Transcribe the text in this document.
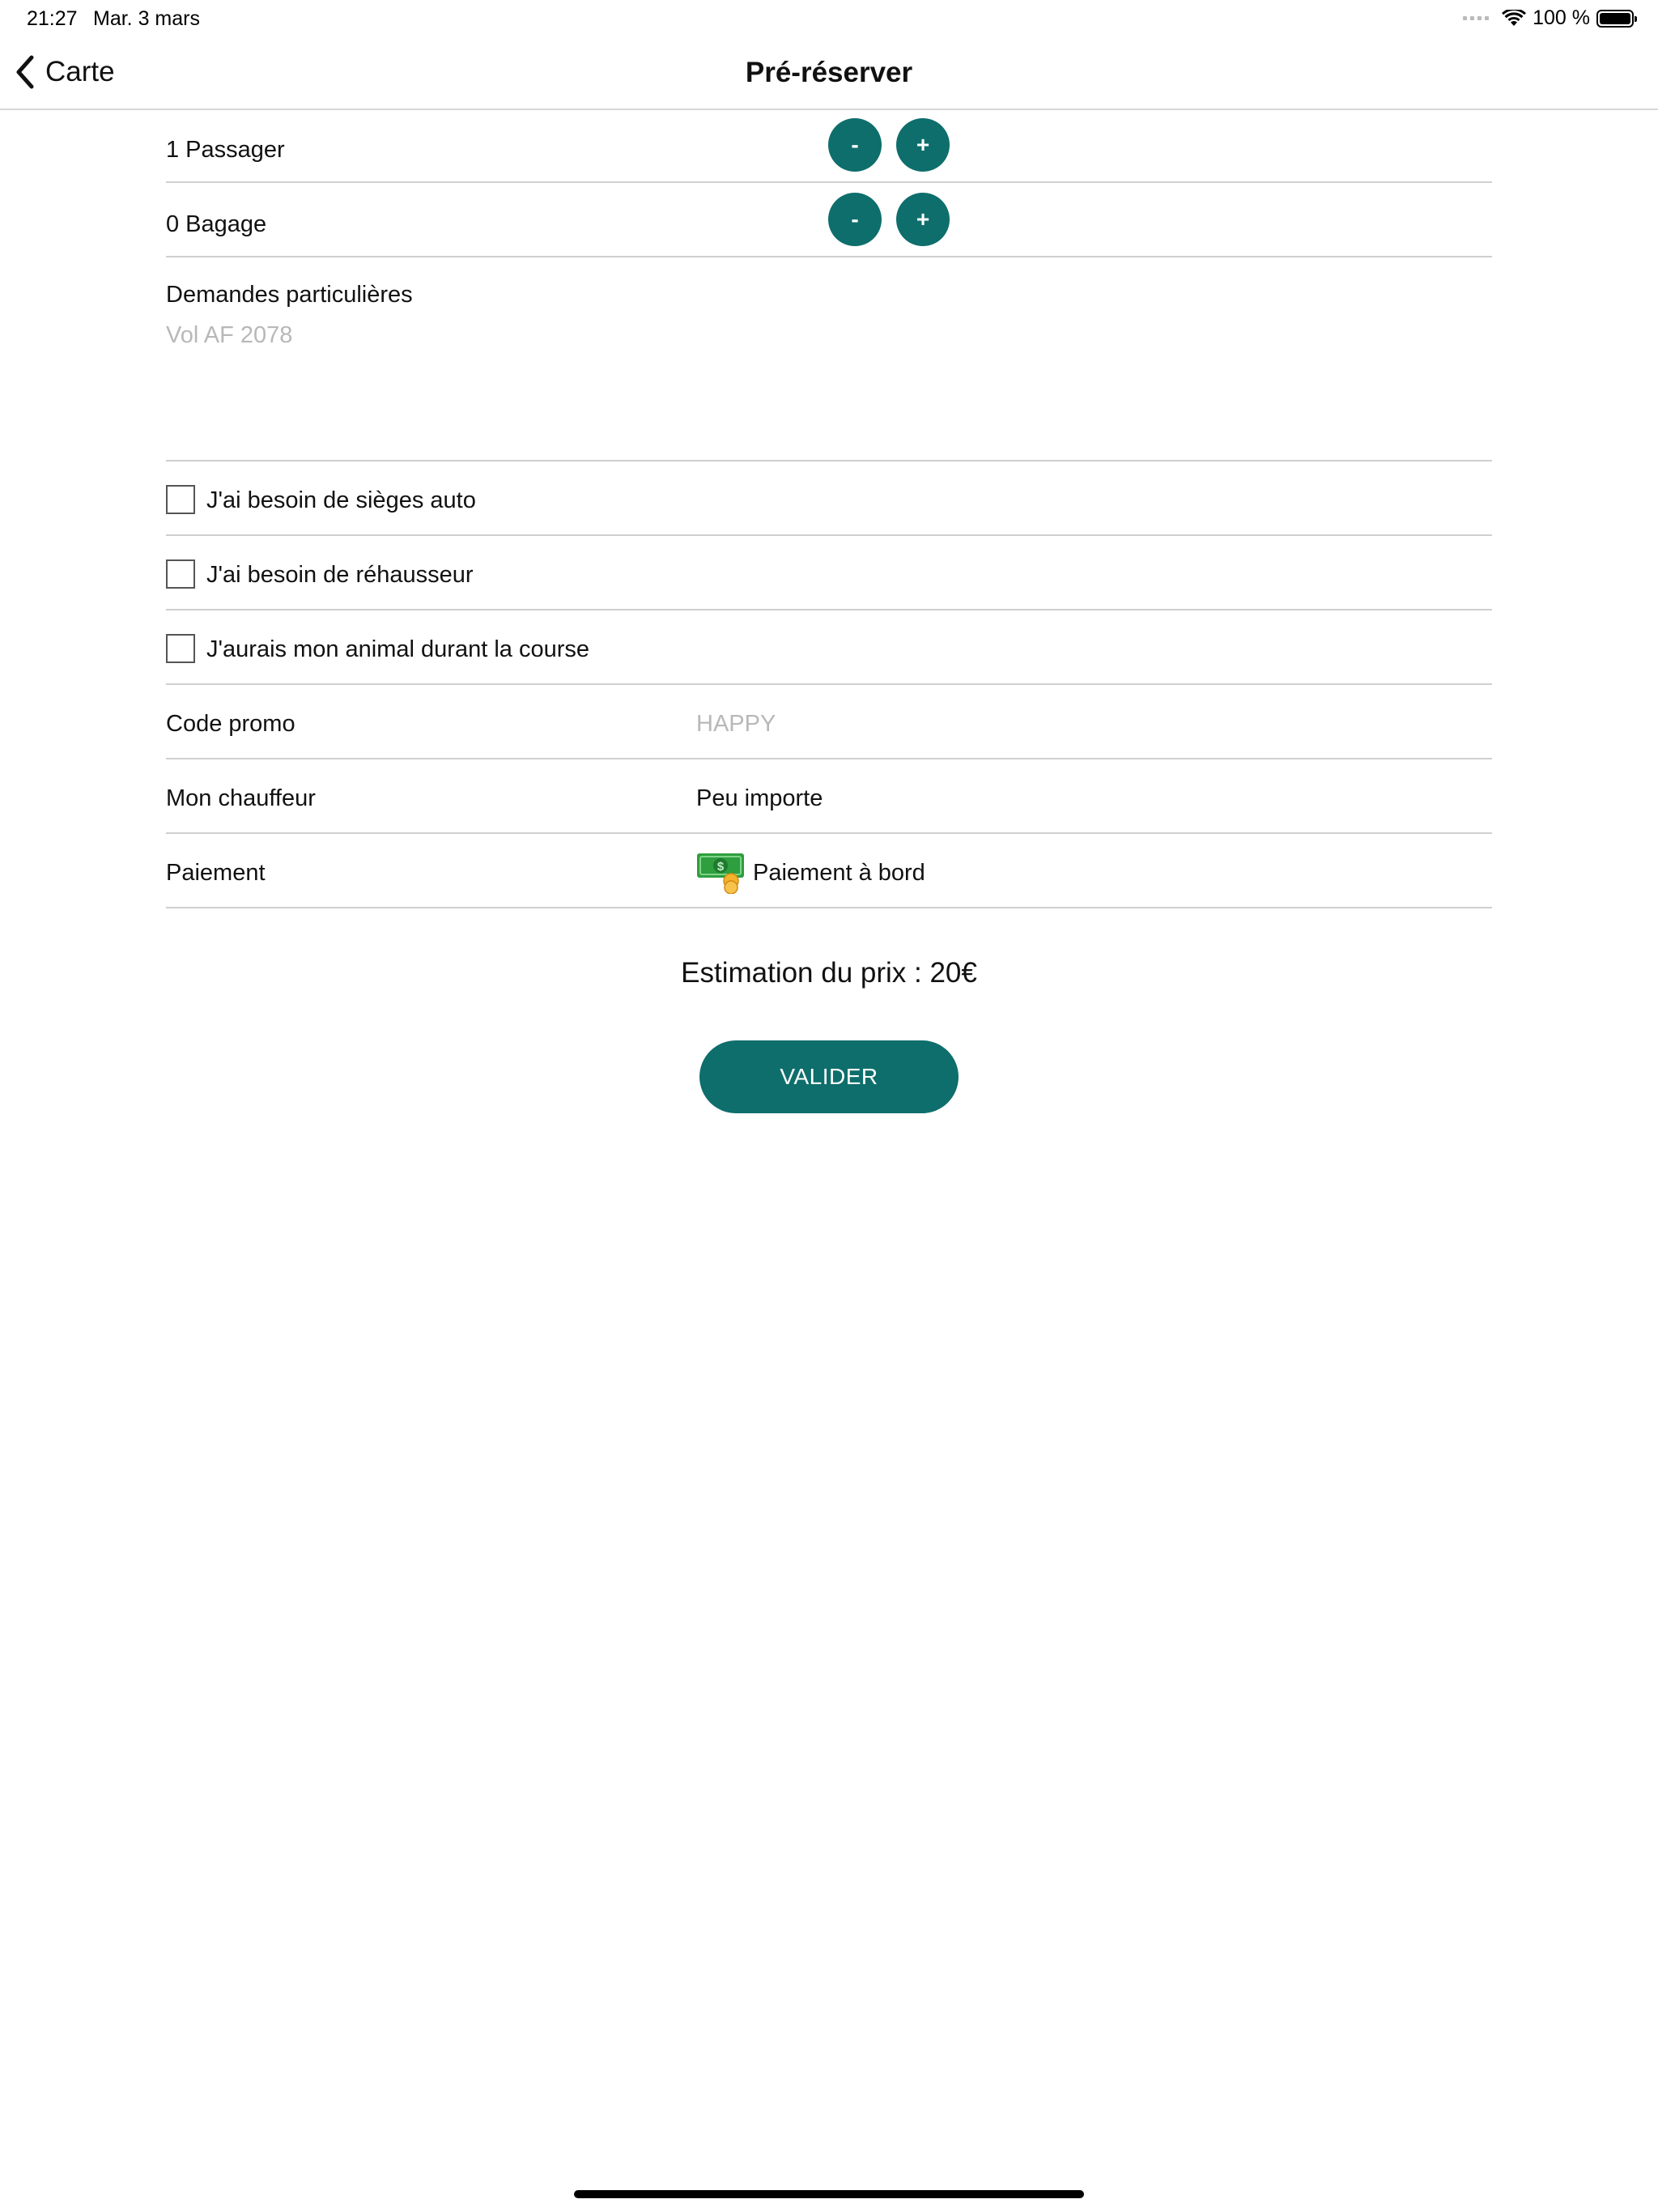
21:27 Mar. 3 mars	100 %
Carte	Pré-réserver
1 Passager	-	+
0 Bagage	-	+
Demandes particulières
Vol AF 2078
J'ai besoin de sièges auto
J'ai besoin de réhausseur
J'aurais mon animal durant la course
Code promo	HAPPY
Mon chauffeur	Peu importe
Paiement	$ Paiement à bord
Estimation du prix : 20€
VALIDER
